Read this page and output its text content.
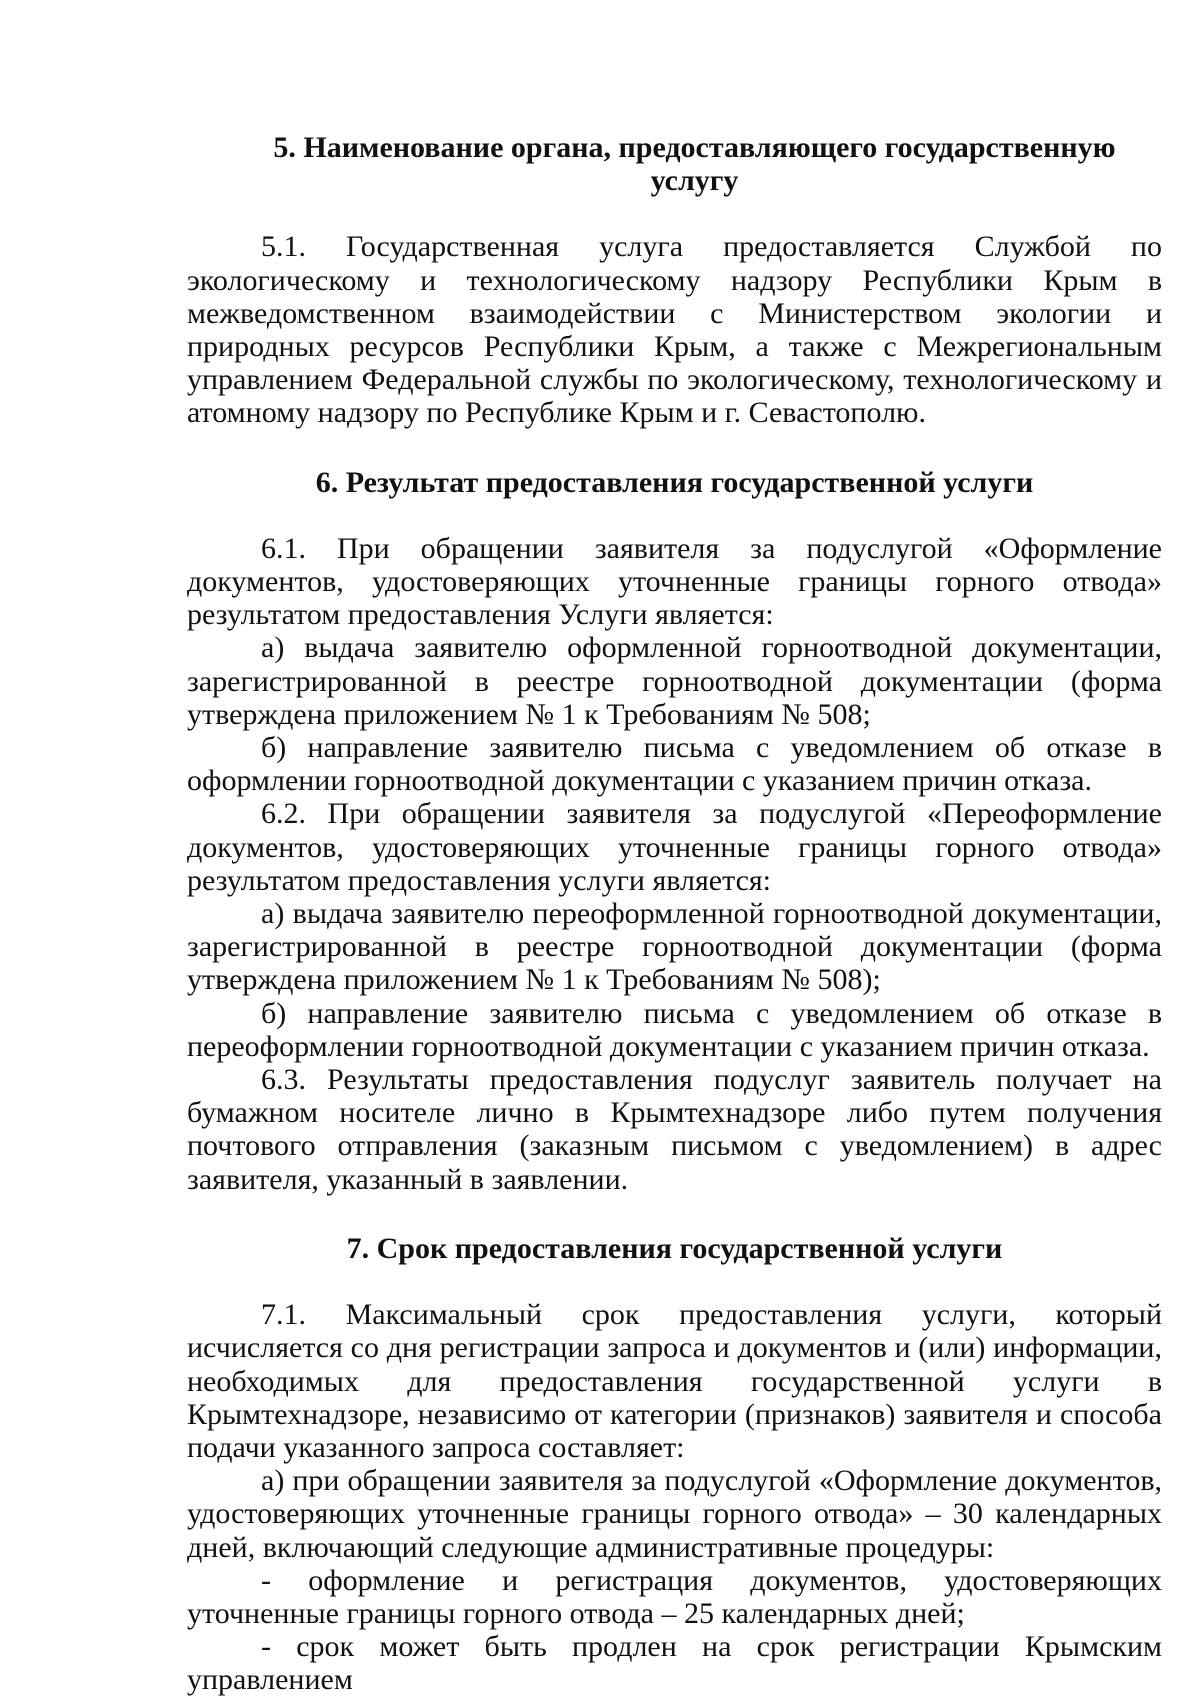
5. Наименование органа, предоставляющего государственную услугу

5.1. Государственная услуга предоставляется Службой по экологическому и технологическому надзору Республики Крым в межведомственном взаимодействии с Министерством экологии и природных ресурсов Республики Крым, а также с Межрегиональным управлением Федеральной службы по экологическому, технологическому и атомному надзору по Республике Крым и г. Севастополю.

6. Результат предоставления государственной услуги

6.1. При обращении заявителя за подуслугой «Оформление документов, удостоверяющих уточненные границы горного отвода» результатом предоставления Услуги является:

а) выдача заявителю оформленной горноотводной документации, зарегистрированной в реестре горноотводной документации (форма утверждена приложением № 1 к Требованиям № 508;

б) направление заявителю письма с уведомлением об отказе в оформлении горноотводной документации с указанием причин отказа.

6.2. При обращении заявителя за подуслугой «Переоформление документов, удостоверяющих уточненные границы горного отвода» результатом предоставления услуги является:

а) выдача заявителю переоформленной горноотводной документации, зарегистрированной в реестре горноотводной документации (форма утверждена приложением № 1 к Требованиям № 508);

б) направление заявителю письма с уведомлением об отказе в переоформлении горноотводной документации с указанием причин отказа.

6.3. Результаты предоставления подуслуг заявитель получает на бумажном носителе лично в Крымтехнадзоре либо путем получения почтового отправления (заказным письмом с уведомлением) в адрес заявителя, указанный в заявлении.

7. Срок предоставления государственной услуги

7.1. Максимальный срок предоставления услуги, который исчисляется со дня регистрации запроса и документов и (или) информации, необходимых для предоставления государственной услуги в Крымтехнадзоре, независимо от категории (признаков) заявителя и способа подачи указанного запроса составляет:

а) при обращении заявителя за подуслугой «Оформление документов, удостоверяющих уточненные границы горного отвода» – 30 календарных дней, включающий следующие административные процедуры:

- оформление и регистрация документов, удостоверяющих уточненные границы горного отвода – 25 календарных дней;

- срок может быть продлен на срок регистрации Крымским управлением
